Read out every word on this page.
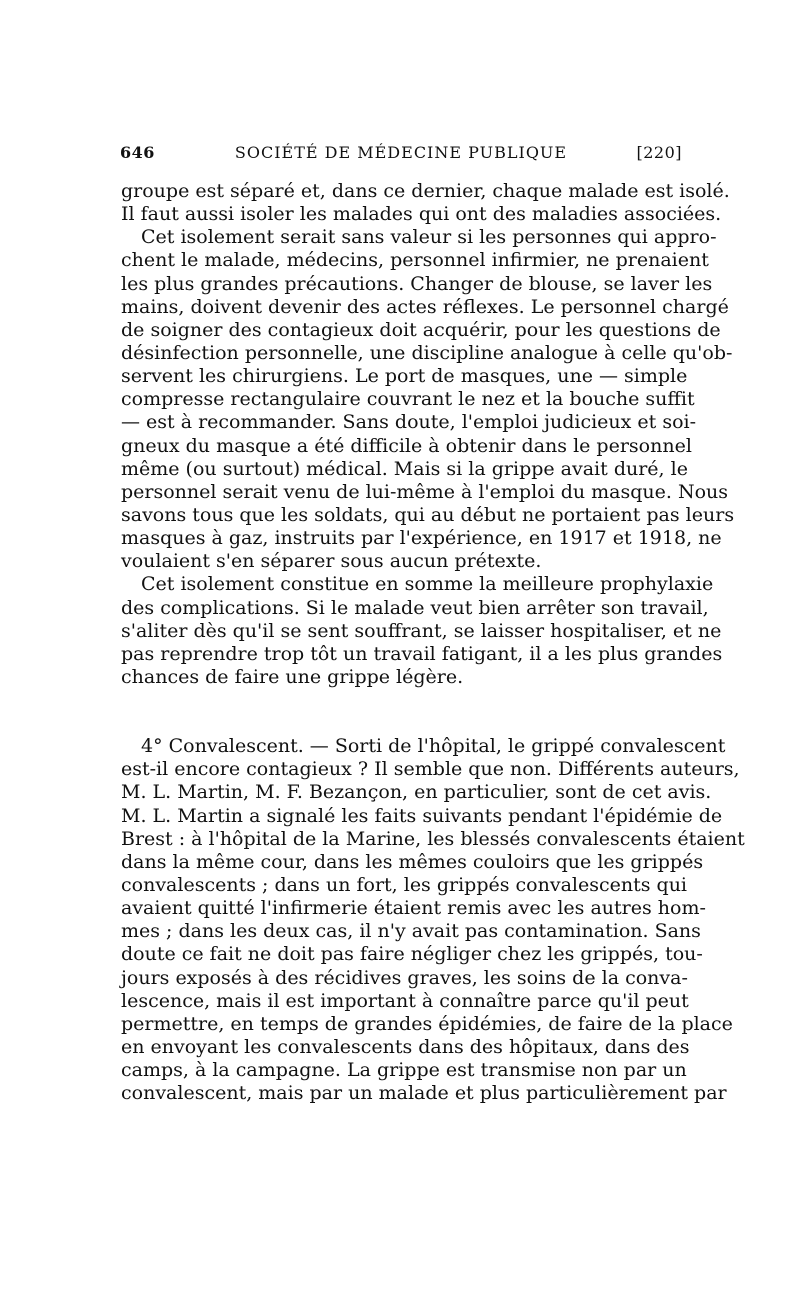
646	SOCIÉTÉ DE MÉDECINE PUBLIQUE	[220]
groupe est séparé et, dans ce dernier, chaque malade est isolé.
Il faut aussi isoler les malades qui ont des maladies associées.
Cet isolement serait sans valeur si les personnes qui appro-
chent le malade, médecins, personnel infirmier, ne prenaient
les plus grandes précautions. Changer de blouse, se laver les
mains, doivent devenir des actes réflexes. Le personnel chargé
de soigner des contagieux doit acquérir, pour les questions de
désinfection personnelle, une discipline analogue à celle qu'ob-
servent les chirurgiens. Le port de masques, une — simple
compresse rectangulaire couvrant le nez et la bouche suffit
— est à recommander. Sans doute, l'emploi judicieux et soi-
gneux du masque a été difficile à obtenir dans le personnel
même (ou surtout) médical. Mais si la grippe avait duré, le
personnel serait venu de lui-même à l'emploi du masque. Nous
savons tous que les soldats, qui au début ne portaient pas leurs
masques à gaz, instruits par l'expérience, en 1917 et 1918, ne
voulaient s'en séparer sous aucun prétexte.
Cet isolement constitue en somme la meilleure prophylaxie
des complications. Si le malade veut bien arrêter son travail,
s'aliter dès qu'il se sent souffrant, se laisser hospitaliser, et ne
pas reprendre trop tôt un travail fatigant, il a les plus grandes
chances de faire une grippe légère.
4° Convalescent. — Sorti de l'hôpital, le grippé convalescent
est-il encore contagieux ? Il semble que non. Différents auteurs,
M. L. Martin, M. F. Bezançon, en particulier, sont de cet avis.
M. L. Martin a signalé les faits suivants pendant l'épidémie de
Brest : à l'hôpital de la Marine, les blessés convalescents étaient
dans la même cour, dans les mêmes couloirs que les grippés
convalescents ; dans un fort, les grippés convalescents qui
avaient quitté l'infirmerie étaient remis avec les autres hom-
mes ; dans les deux cas, il n'y avait pas contamination. Sans
doute ce fait ne doit pas faire négliger chez les grippés, tou-
jours exposés à des récidives graves, les soins de la conva-
lescence, mais il est important à connaître parce qu'il peut
permettre, en temps de grandes épidémies, de faire de la place
en envoyant les convalescents dans des hôpitaux, dans des
camps, à la campagne. La grippe est transmise non par un
convalescent, mais par un malade et plus particulièrement par
